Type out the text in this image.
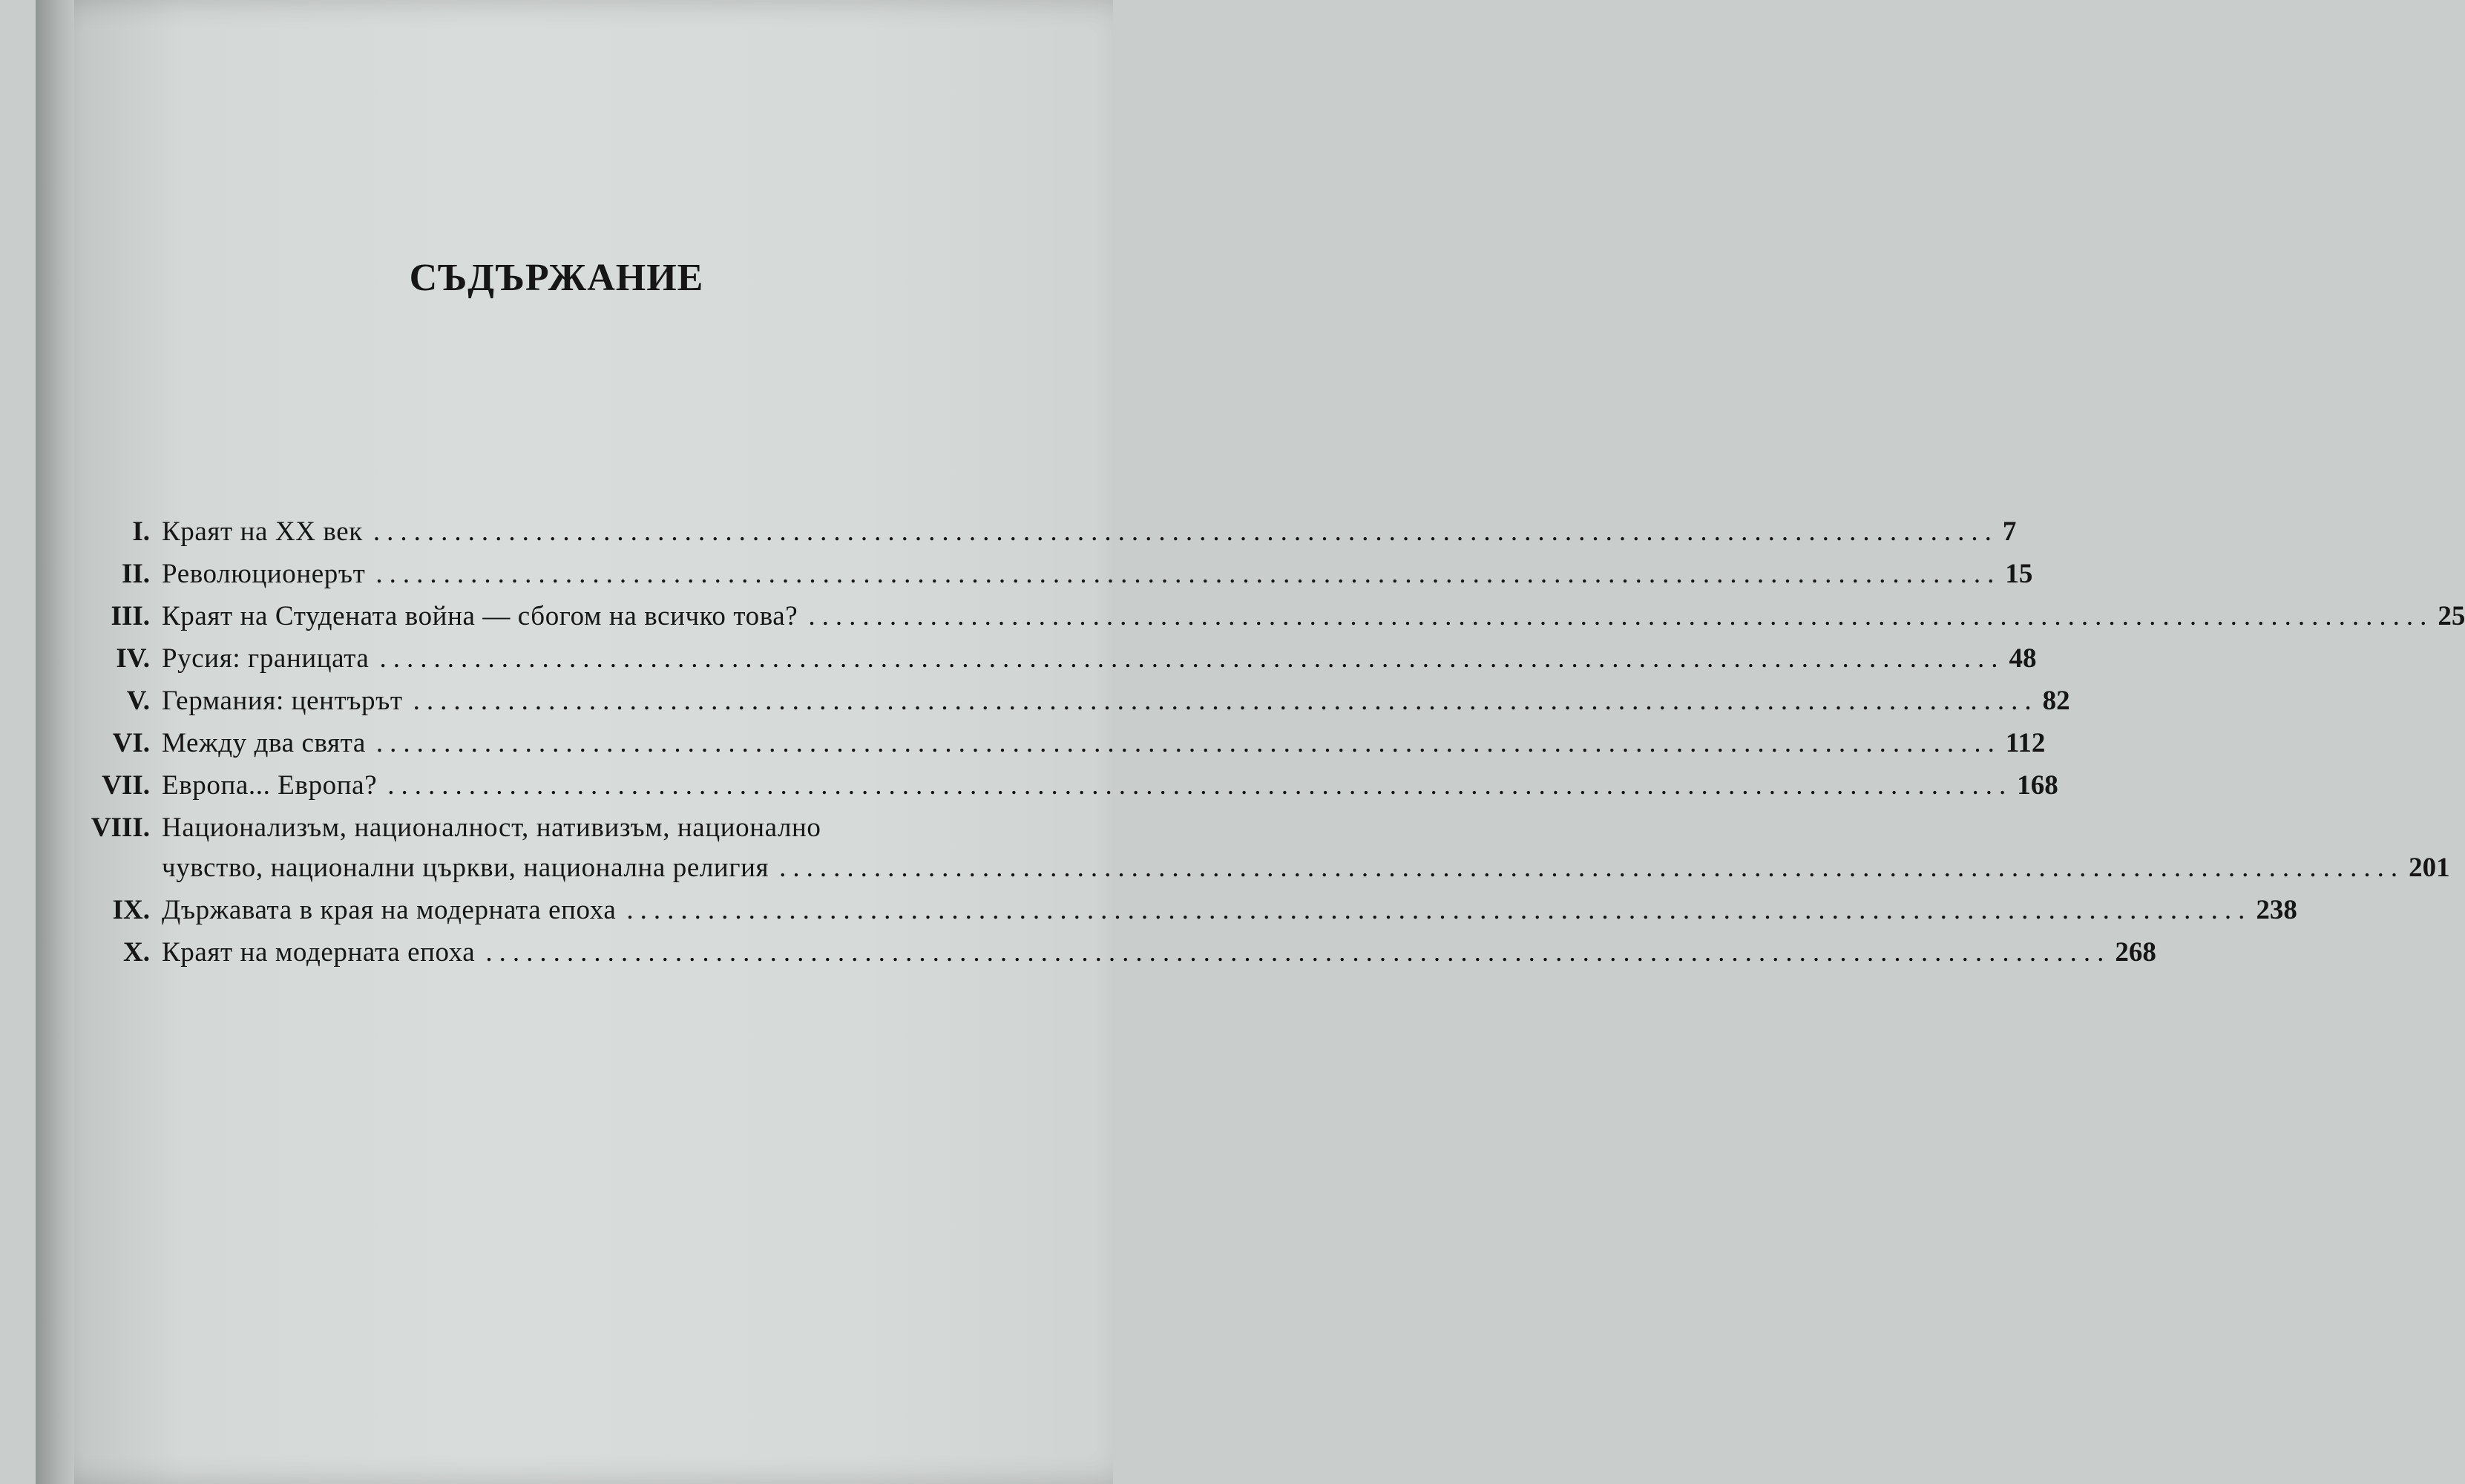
СЪДЪРЖАНИЕ
I. Краят на XX век ........................................................................................................................ 7
II. Революционерът ........................................................................................................................ 15
III. Краят на Студената война — сбогом на всичко това? ........................................................................................................................ 25
IV. Русия: границата ........................................................................................................................ 48
V. Германия: центърът ........................................................................................................................ 82
VI. Между два свята ........................................................................................................................ 112
VII. Европа... Европа? ........................................................................................................................ 168
VIII. Национализъм, националност, нативизъм, национално
чувство, национални църкви, национална религия ........................................................................................................................ 201
IX. Държавата в края на модерната епоха ........................................................................................................................ 238
X. Краят на модерната епоха ........................................................................................................................ 268
